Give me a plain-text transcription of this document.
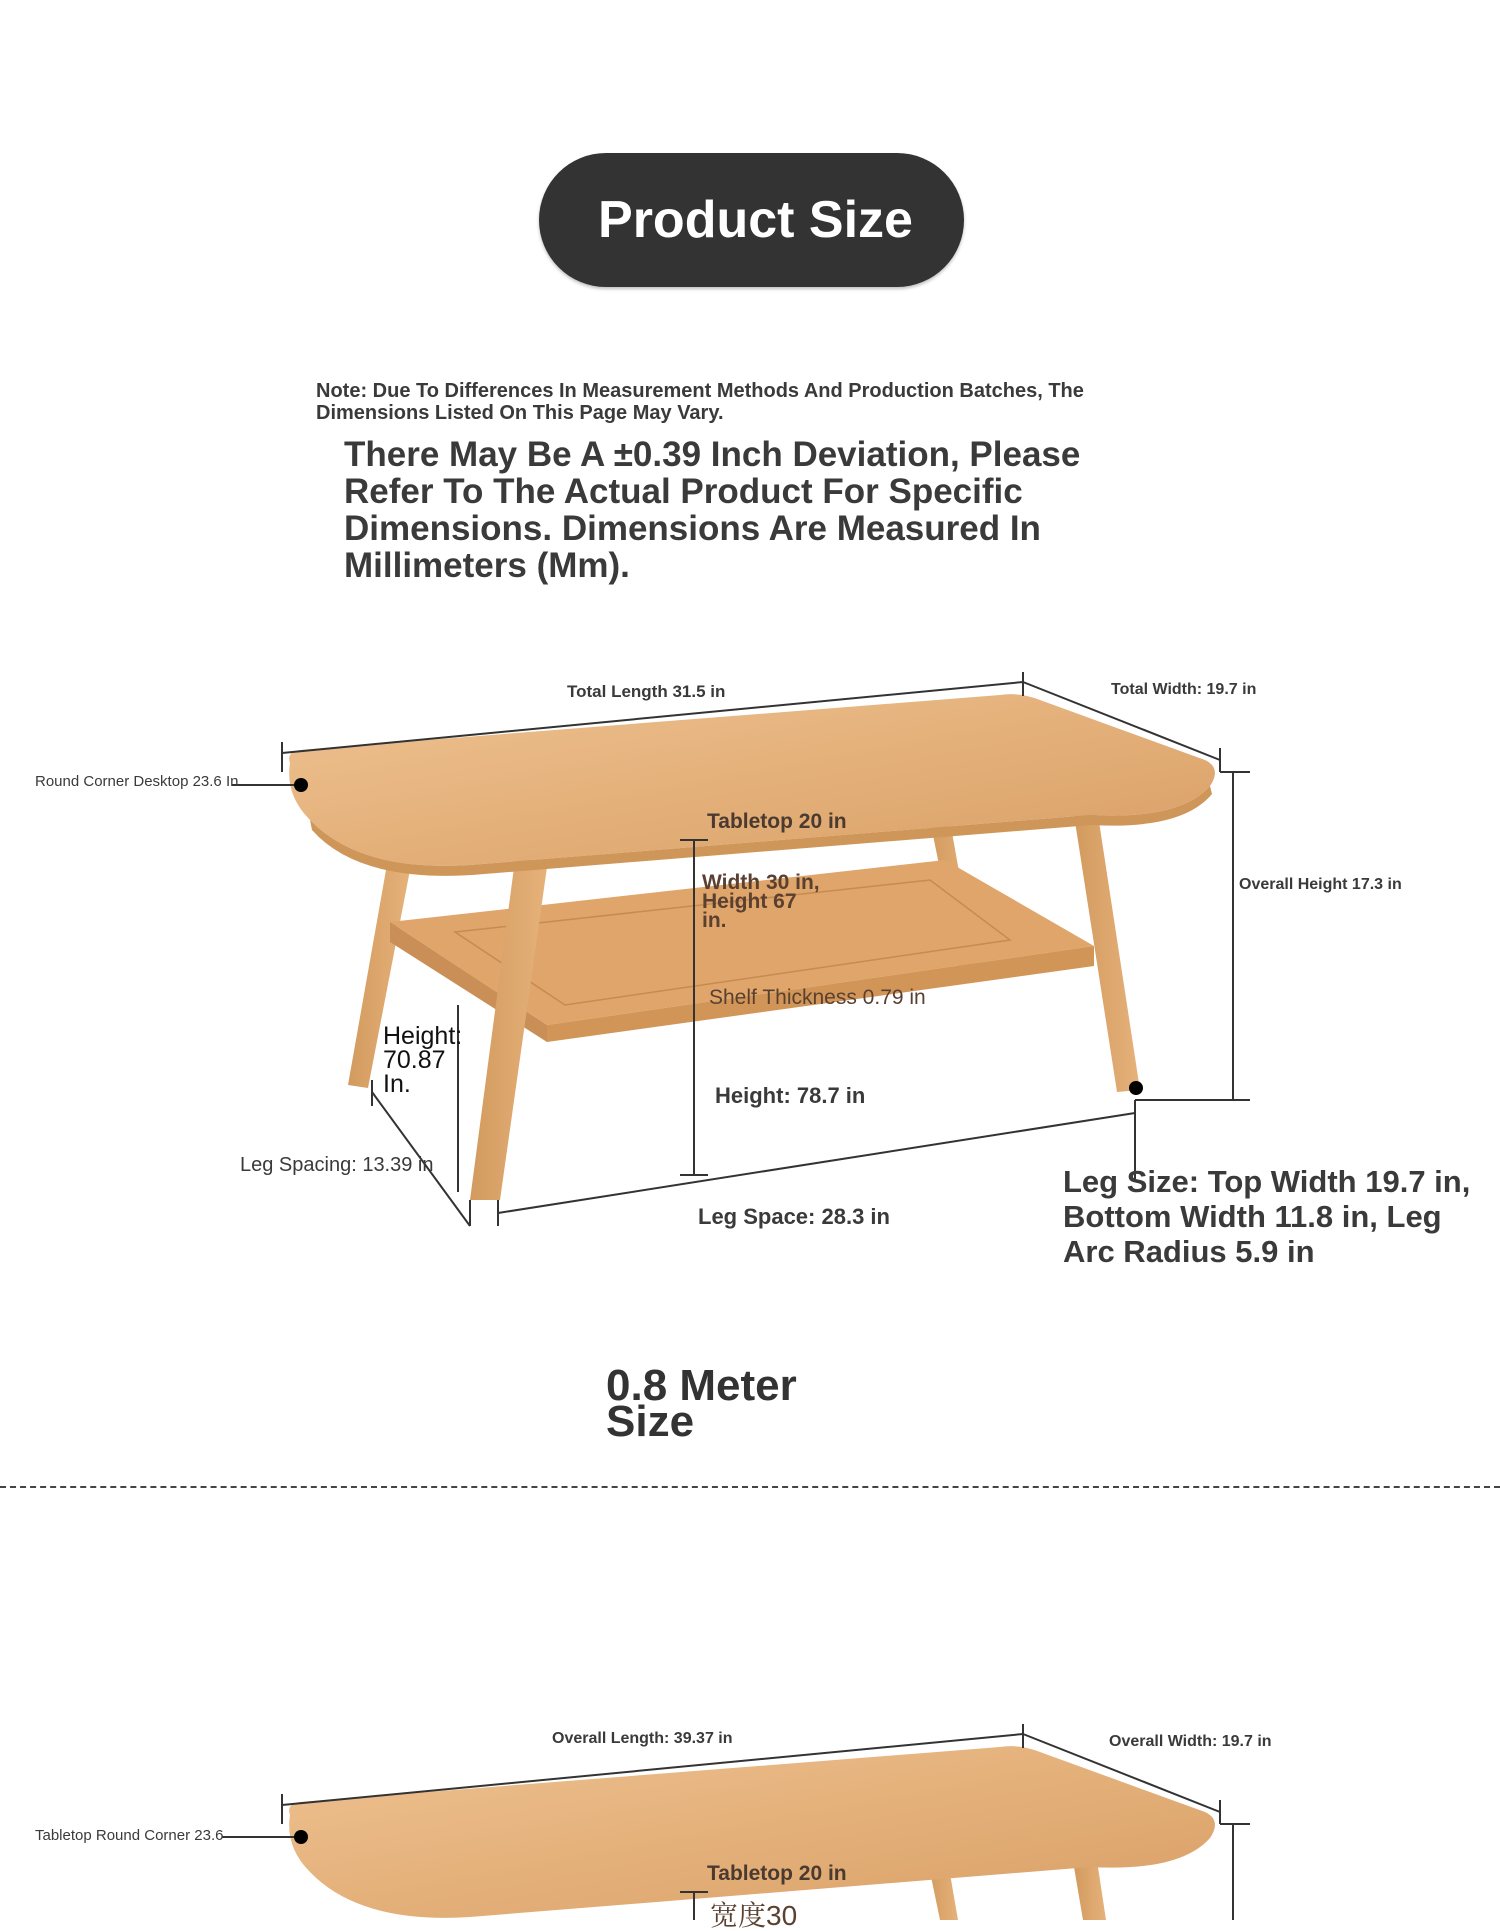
Product Size
Note: Due To Differences In Measurement Methods And Production Batches, The Dimensions Listed On This Page May Vary.
There May Be A ±0.39 Inch Deviation, Please Refer To The Actual Product For Specific Dimensions. Dimensions Are Measured In Millimeters (Mm).
Total Length 31.5 in	Total Width: 19.7 in
Round Corner Desktop 23.6 In
Tabletop 20 in
Width 30 in, Height 67 in.
Shelf Thickness 0.79 in
Overall Height 17.3 in
Height: 70.87 In.	Height: 78.7 in
Leg Spacing: 13.39 in
Leg Space: 28.3 in
Leg Size: Top Width 19.7 in, Bottom Width 11.8 in, Leg Arc Radius 5.9 in
0.8 Meter Size
Overall Length: 39.37 in	Overall Width: 19.7 in
Tabletop Round Corner 23.6
Tabletop 20 in
宽度30
